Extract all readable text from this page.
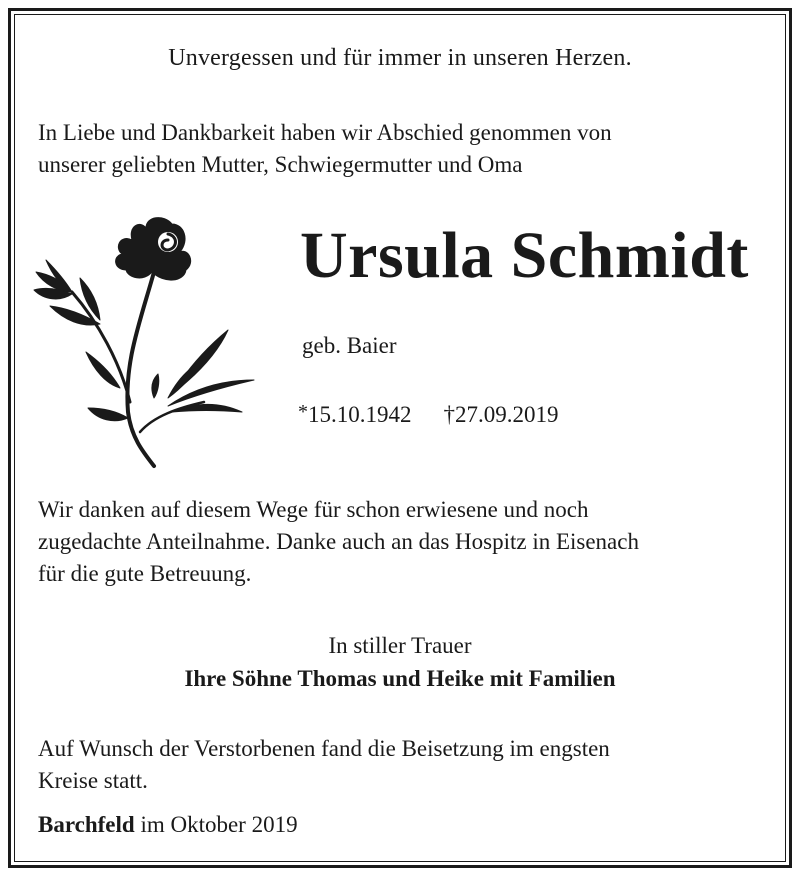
Unvergessen und für immer in unseren Herzen.
In Liebe und Dankbarkeit haben wir Abschied genommen von
unserer geliebten Mutter, Schwiegermutter und Oma
Ursula Schmidt
geb. Baier
*15.10.1942 †27.09.2019
Wir danken auf diesem Wege für schon erwiesene und noch
zugedachte Anteilnahme. Danke auch an das Hospitz in Eisenach
für die gute Betreuung.
In stiller Trauer
Ihre Söhne Thomas und Heike mit Familien
Auf Wunsch der Verstorbenen fand die Beisetzung im engsten
Kreise statt.
Barchfeld im Oktober 2019
